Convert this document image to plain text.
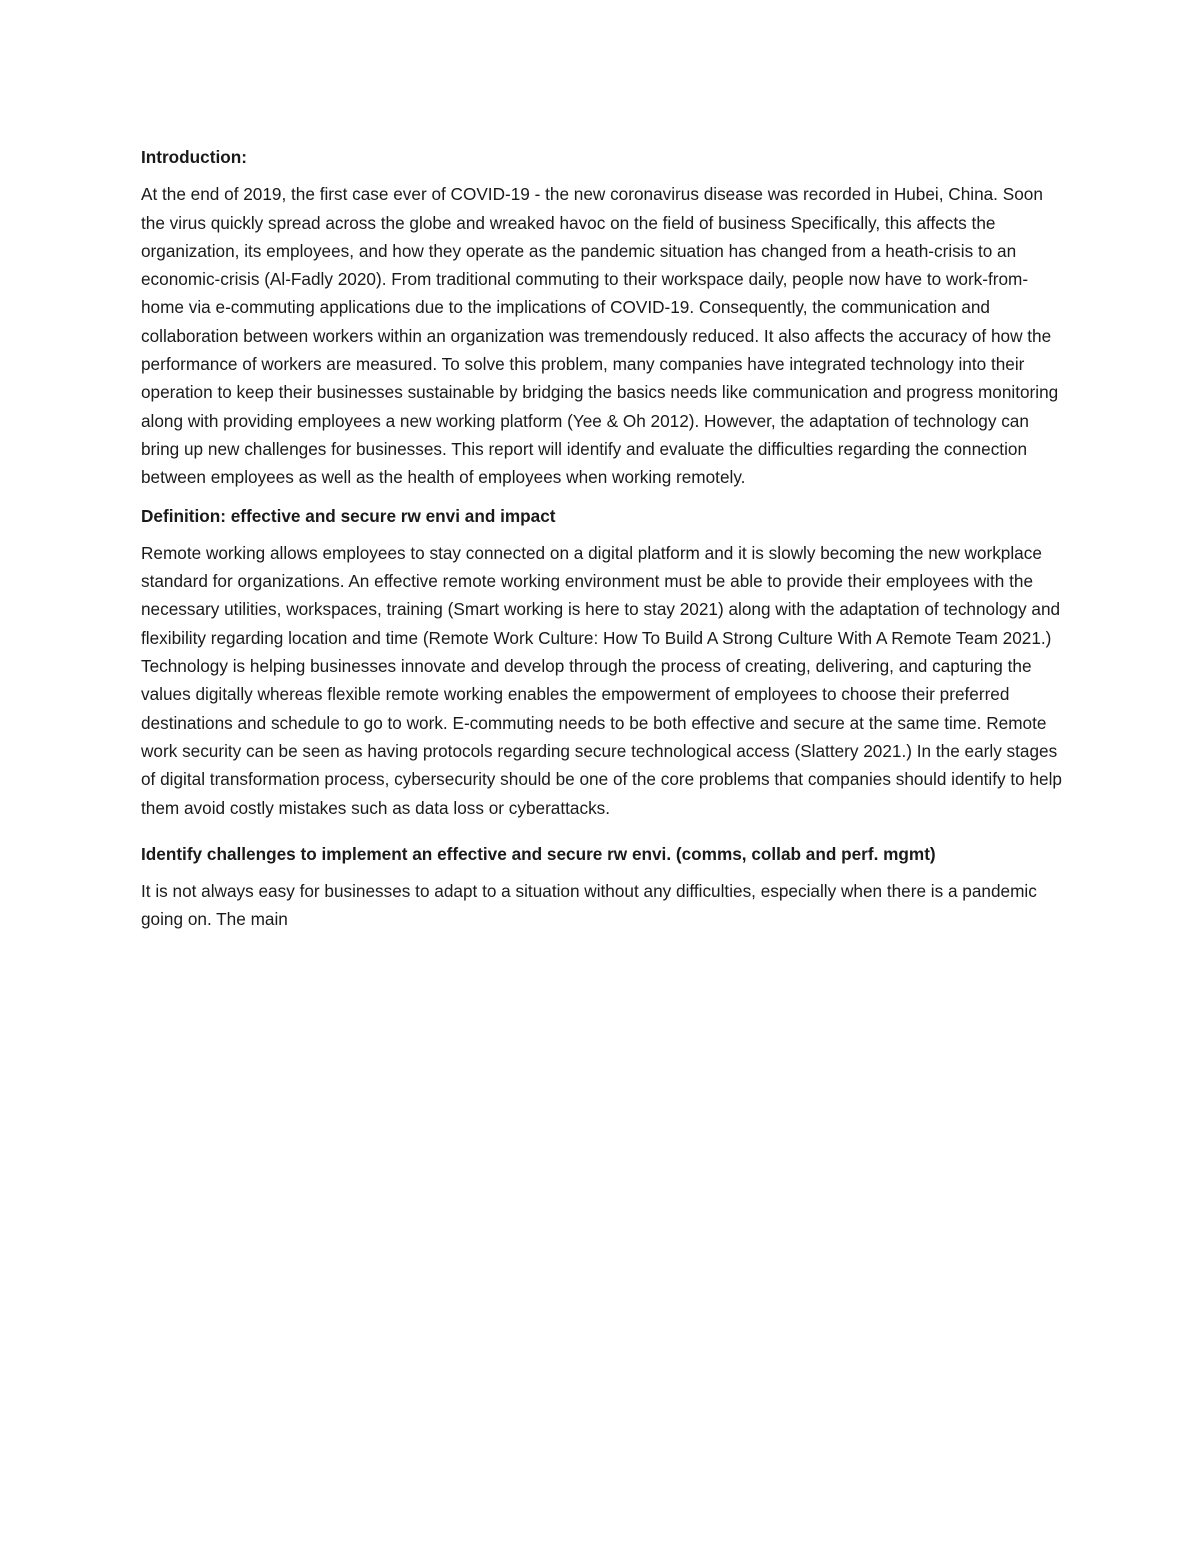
Introduction:

At the end of 2019, the first case ever of COVID-19 - the new coronavirus disease was recorded in Hubei, China. Soon the virus quickly spread across the globe and wreaked havoc on the field of business Specifically, this affects the organization, its employees, and how they operate as the pandemic situation has changed from a heath-crisis to an economic-crisis (Al-Fadly 2020). From traditional commuting to their workspace daily, people now have to work-from-home via e-commuting applications due to the implications of COVID-19. Consequently, the communication and collaboration between workers within an organization was tremendously reduced. It also affects the accuracy of how the performance of workers are measured. To solve this problem, many companies have integrated technology into their operation to keep their businesses sustainable by bridging the basics needs like communication and progress monitoring along with providing employees a new working platform (Yee & Oh 2012). However, the adaptation of technology can bring up new challenges for businesses. This report will identify and evaluate the difficulties regarding the connection between employees as well as the health of employees when working remotely.

Definition: effective and secure rw envi and impact

Remote working allows employees to stay connected on a digital platform and it is slowly becoming the new workplace standard for organizations. An effective remote working environment must be able to provide their employees with the necessary utilities, workspaces, training (Smart working is here to stay 2021) along with the adaptation of technology and flexibility regarding location and time (Remote Work Culture: How To Build A Strong Culture With A Remote Team 2021.) Technology is helping businesses innovate and develop through the process of creating, delivering, and capturing the values digitally whereas flexible remote working enables the empowerment of employees to choose their preferred destinations and schedule to go to work. E-commuting needs to be both effective and secure at the same time. Remote work security can be seen as having protocols regarding secure technological access (Slattery 2021.) In the early stages of digital transformation process, cybersecurity should be one of the core problems that companies should identify to help them avoid costly mistakes such as data loss or cyberattacks.

Identify challenges to implement an effective and secure rw envi. (comms, collab and perf. mgmt)

It is not always easy for businesses to adapt to a situation without any difficulties, especially when there is a pandemic going on. The main
